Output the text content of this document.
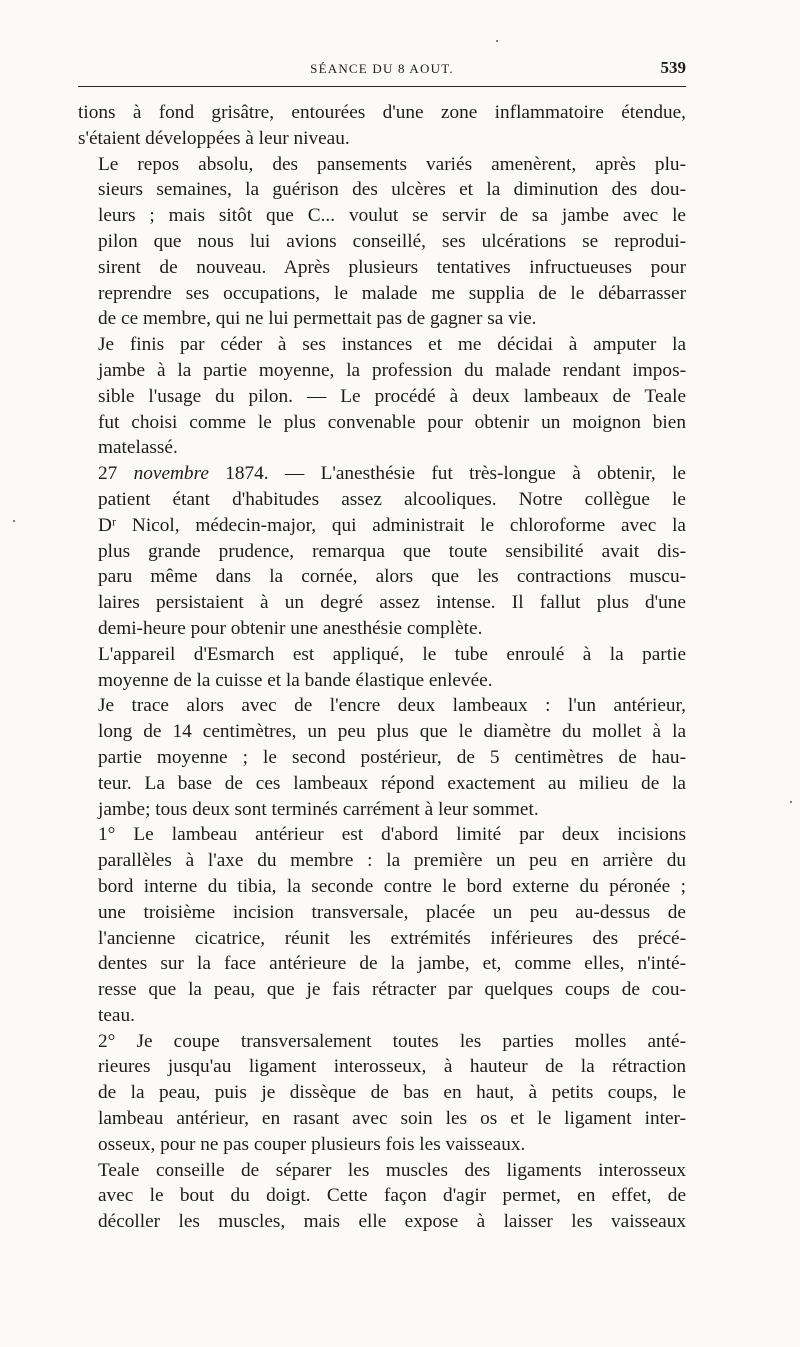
SÉANCE DU 8 AOUT.	539

tions à fond grisâtre, entourées d'une zone inflammatoire étendue,
s'étaient développées à leur niveau.

Le repos absolu, des pansements variés amenèrent, après plu-
sieurs semaines, la guérison des ulcères et la diminution des dou-
leurs ; mais sitôt que C... voulut se servir de sa jambe avec le
pilon que nous lui avions conseillé, ses ulcérations se reprodui-
sirent de nouveau. Après plusieurs tentatives infructueuses pour
reprendre ses occupations, le malade me supplia de le débarrasser
de ce membre, qui ne lui permettait pas de gagner sa vie.

Je finis par céder à ses instances et me décidai à amputer la
jambe à la partie moyenne, la profession du malade rendant impos-
sible l'usage du pilon. — Le procédé à deux lambeaux de Teale
fut choisi comme le plus convenable pour obtenir un moignon bien
matelassé.

27 novembre 1874. — L'anesthésie fut très-longue à obtenir, le
patient étant d'habitudes assez alcooliques. Notre collègue le
Dʳ Nicol, médecin-major, qui administrait le chloroforme avec la
plus grande prudence, remarqua que toute sensibilité avait dis-
paru même dans la cornée, alors que les contractions muscu-
laires persistaient à un degré assez intense. Il fallut plus d'une
demi-heure pour obtenir une anesthésie complète.

L'appareil d'Esmarch est appliqué, le tube enroulé à la partie
moyenne de la cuisse et la bande élastique enlevée.

Je trace alors avec de l'encre deux lambeaux : l'un antérieur,
long de 14 centimètres, un peu plus que le diamètre du mollet à la
partie moyenne ; le second postérieur, de 5 centimètres de hau-
teur. La base de ces lambeaux répond exactement au milieu de la
jambe; tous deux sont terminés carrément à leur sommet.

1° Le lambeau antérieur est d'abord limité par deux incisions
parallèles à l'axe du membre : la première un peu en arrière du
bord interne du tibia, la seconde contre le bord externe du péronée ;
une troisième incision transversale, placée un peu au-dessus de
l'ancienne cicatrice, réunit les extrémités inférieures des précé-
dentes sur la face antérieure de la jambe, et, comme elles, n'inté-
resse que la peau, que je fais rétracter par quelques coups de cou-
teau.

2° Je coupe transversalement toutes les parties molles anté-
rieures jusqu'au ligament interosseux, à hauteur de la rétraction
de la peau, puis je dissèque de bas en haut, à petits coups, le
lambeau antérieur, en rasant avec soin les os et le ligament inter-
osseux, pour ne pas couper plusieurs fois les vaisseaux.

Teale conseille de séparer les muscles des ligaments interosseux
avec le bout du doigt. Cette façon d'agir permet, en effet, de
décoller les muscles, mais elle expose à laisser les vaisseaux
